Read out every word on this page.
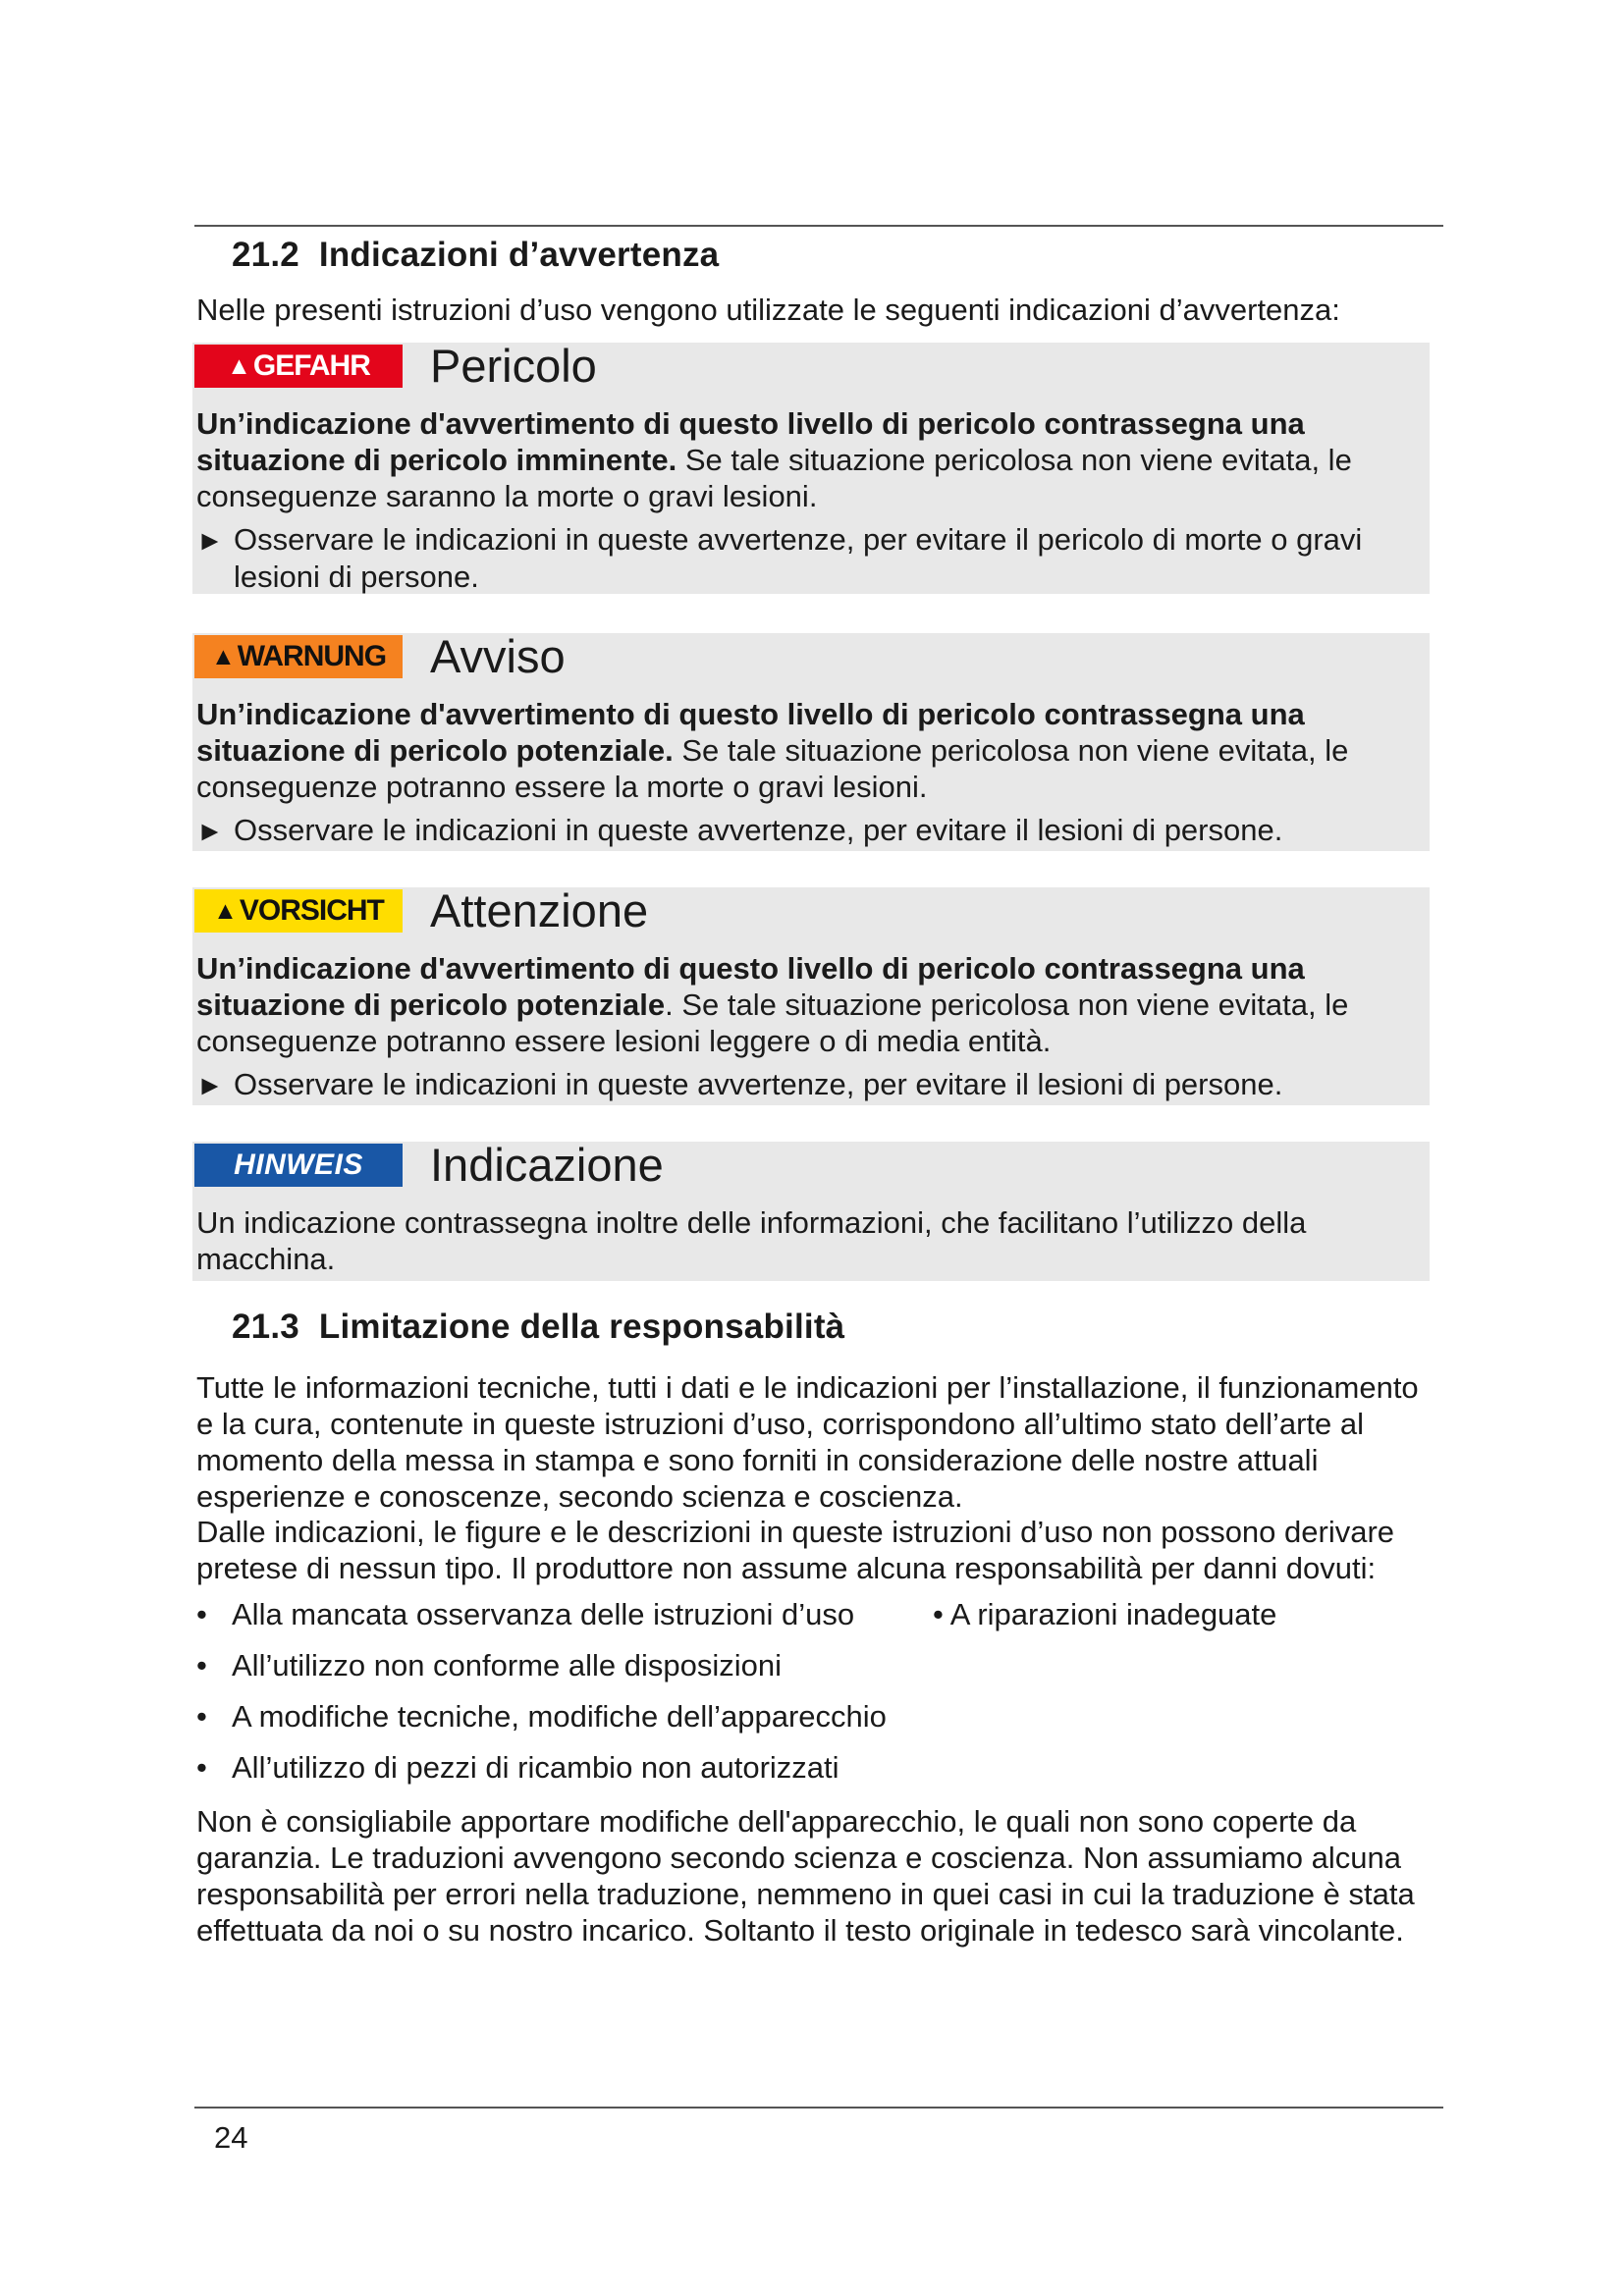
21.2 Indicazioni d’avvertenza

Nelle presenti istruzioni d’uso vengono utilizzate le seguenti indicazioni d’avvertenza:

▲ GEFAHR Pericolo

Un’indicazione d'avvertimento di questo livello di pericolo contrassegna una situazione di pericolo imminente. Se tale situazione pericolosa non viene evitata, le conseguenze saranno la morte o gravi lesioni.

► Osservare le indicazioni in queste avvertenze, per evitare il pericolo di morte o gravi lesioni di persone.

▲ WARNUNG Avviso

Un’indicazione d'avvertimento di questo livello di pericolo contrassegna una situazione di pericolo potenziale. Se tale situazione pericolosa non viene evitata, le conseguenze potranno essere la morte o gravi lesioni.

► Osservare le indicazioni in queste avvertenze, per evitare il lesioni di persone.

▲ VORSICHT Attenzione

Un’indicazione d'avvertimento di questo livello di pericolo contrassegna una situazione di pericolo potenziale. Se tale situazione pericolosa non viene evitata, le conseguenze potranno essere lesioni leggere o di media entità.

► Osservare le indicazioni in queste avvertenze, per evitare il lesioni di persone.

HINWEIS Indicazione

Un indicazione contrassegna inoltre delle informazioni, che facilitano l’utilizzo della macchina.

21.3 Limitazione della responsabilità

Tutte le informazioni tecniche, tutti i dati e le indicazioni per l’installazione, il funzionamento e la cura, contenute in queste istruzioni d’uso, corrispondono all’ultimo stato dell’arte al momento della messa in stampa e sono forniti in considerazione delle nostre attuali esperienze e conoscenze, secondo scienza e coscienza.

Dalle indicazioni, le figure e le descrizioni in queste istruzioni d’uso non possono derivare pretese di nessun tipo. Il produttore non assume alcuna responsabilità per danni dovuti:

• Alla mancata osservanza delle istruzioni d’uso
• All’utilizzo non conforme alle disposizioni
• A modifiche tecniche, modifiche dell’apparecchio
• All’utilizzo di pezzi di ricambio non autorizzati
• A riparazioni inadeguate

Non è consigliabile apportare modifiche dell'apparecchio, le quali non sono coperte da garanzia. Le traduzioni avvengono secondo scienza e coscienza. Non assumiamo alcuna responsabilità per errori nella traduzione, nemmeno in quei casi in cui la traduzione è stata effettuata da noi o su nostro incarico. Soltanto il testo originale in tedesco sarà vincolante.

24
